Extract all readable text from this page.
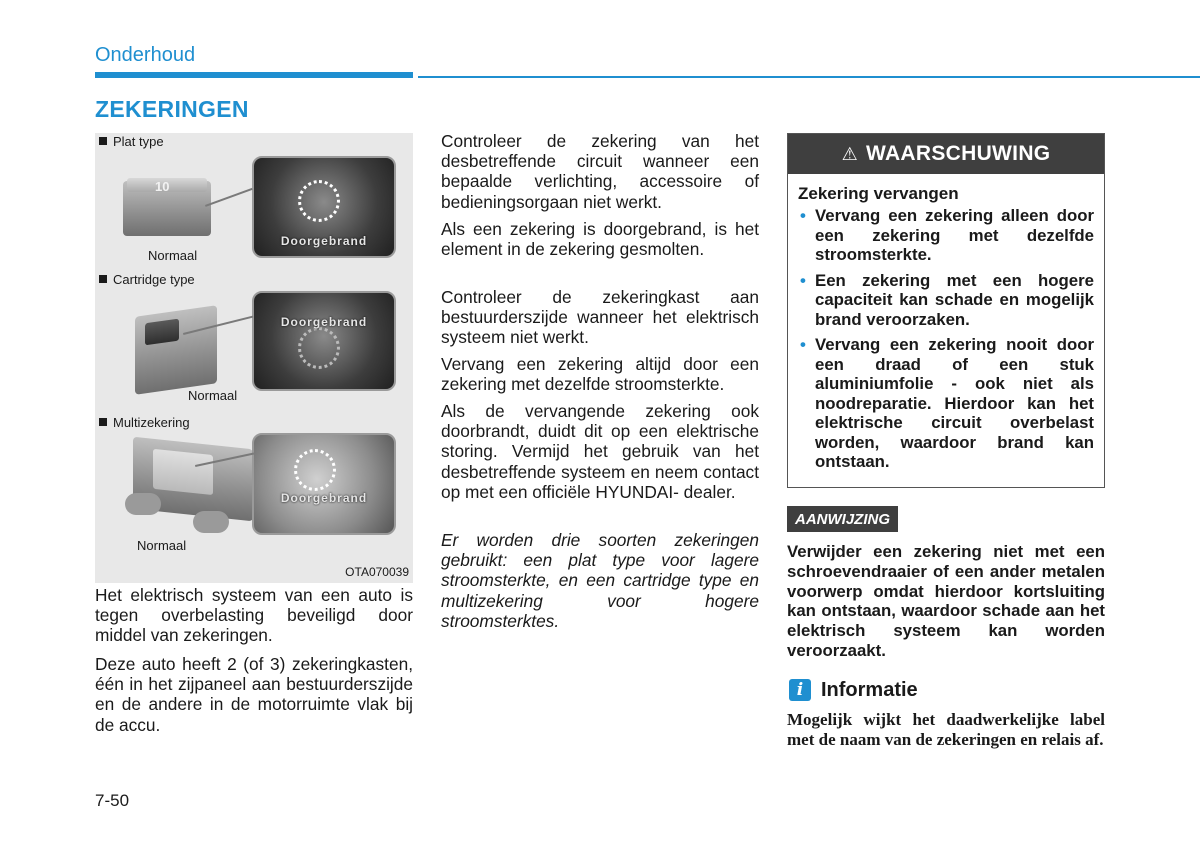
Onderhoud
ZEKERINGEN
Plat type
10
Doorgebrand
Normaal
Cartridge type
Doorgebrand
Normaal
Multizekering
Doorgebrand
Normaal
OTA070039

Het elektrisch systeem van een auto is tegen overbelasting beveiligd door middel van zekeringen.

Deze auto heeft 2 (of 3) zekeringkasten, één in het zijpaneel aan bestuurderszijde en de andere in de motorruimte vlak bij de accu.

Controleer de zekering van het desbetreffende circuit wanneer een bepaalde verlichting, accessoire of bedieningsorgaan niet werkt.

Als een zekering is doorgebrand, is het element in de zekering gesmolten.

Controleer de zekeringkast aan bestuurderszijde wanneer het elektrisch systeem niet werkt.

Vervang een zekering altijd door een zekering met dezelfde stroomsterkte.

Als de vervangende zekering ook doorbrandt, duidt dit op een elektrische storing. Vermijd het gebruik van het desbetreffende systeem en neem contact op met een officiële HYUNDAI- dealer.

Er worden drie soorten zekeringen gebruikt: een plat type voor lagere stroomsterkte, en een cartridge type en multizekering voor hogere stroomsterktes.

⚠ WAARSCHUWING
Zekering vervangen
• Vervang een zekering alleen door een zekering met dezelfde stroomsterkte.
• Een zekering met een hogere capaciteit kan schade en mogelijk brand veroorzaken.
• Vervang een zekering nooit door een draad of een stuk aluminiumfolie - ook niet als noodreparatie. Hierdoor kan het elektrische circuit overbelast worden, waardoor brand kan ontstaan.
AANWIJZING

Verwijder een zekering niet met een schroevendraaier of een ander metalen voorwerp omdat hierdoor kortsluiting kan ontstaan, waardoor schade aan het elektrisch systeem kan worden veroorzaakt.

i Informatie

Mogelijk wijkt het daadwerkelijke label met de naam van de zekeringen en relais af.

7-50
